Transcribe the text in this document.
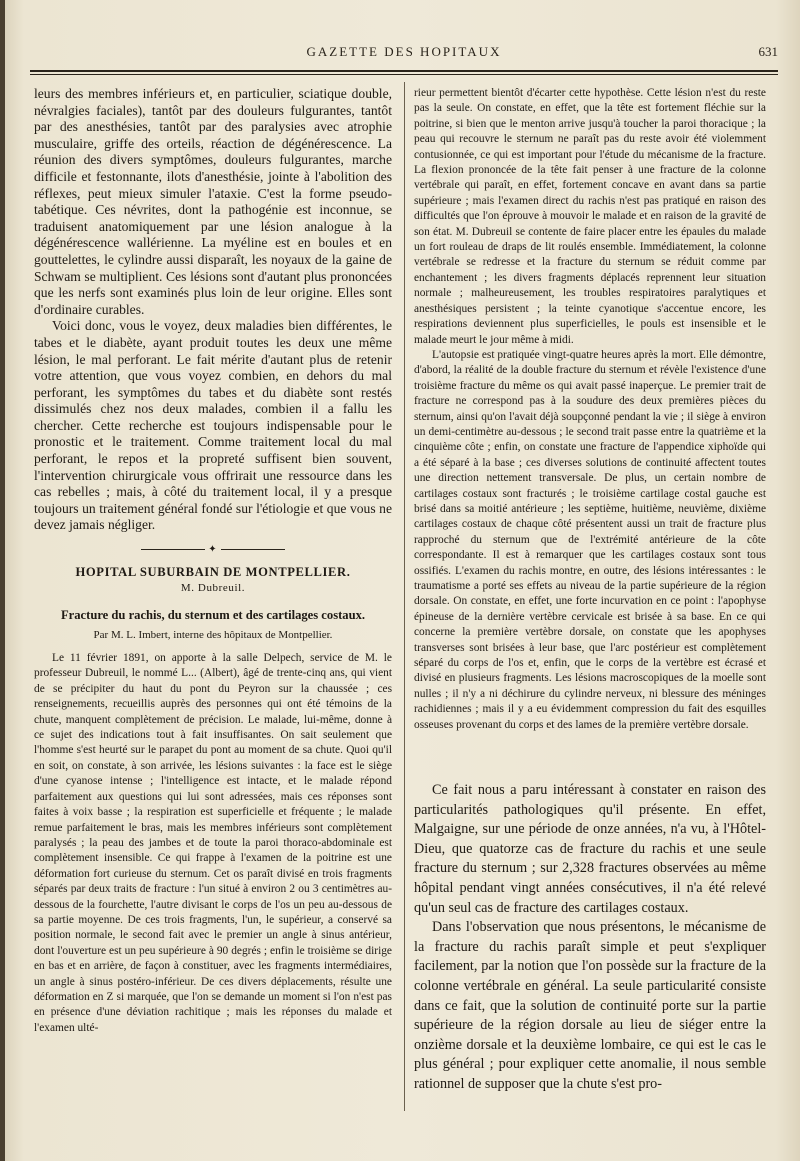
GAZETTE DES HOPITAUX	631

leurs des membres inférieurs et, en particulier, sciatique double, névralgies faciales), tantôt par des douleurs fulgurantes, tantôt par des anesthésies, tantôt par des paralysies avec atrophie musculaire, griffe des orteils, réaction de dégénérescence. La réunion des divers symptômes, douleurs fulgurantes, marche difficile et festonnante, ilots d'anesthésie, jointe à l'abolition des réflexes, peut mieux simuler l'ataxie. C'est la forme pseudo-tabétique. Ces névrites, dont la pathogénie est inconnue, se traduisent anatomiquement par une lésion analogue à la dégénérescence wallérienne. La myéline est en boules et en gouttelettes, le cylindre aussi disparaît, les noyaux de la gaine de Schwam se multiplient. Ces lésions sont d'autant plus prononcées que les nerfs sont examinés plus loin de leur origine. Elles sont d'ordinaire curables.

Voici donc, vous le voyez, deux maladies bien différentes, le tabes et le diabète, ayant produit toutes les deux une même lésion, le mal perforant. Le fait mérite d'autant plus de retenir votre attention, que vous voyez combien, en dehors du mal perforant, les symptômes du tabes et du diabète sont restés dissimulés chez nos deux malades, combien il a fallu les chercher. Cette recherche est toujours indispensable pour le pronostic et le traitement. Comme traitement local du mal perforant, le repos et la propreté suffisent bien souvent, l'intervention chirurgicale vous offrirait une ressource dans les cas rebelles ; mais, à côté du traitement local, il y a presque toujours un traitement général fondé sur l'étiologie et que vous ne devez jamais négliger.

✦
HOPITAL SUBURBAIN DE MONTPELLIER.
M. Dubreuil.
Fracture du rachis, du sternum et des cartilages costaux.
Par M. L. Imbert, interne des hôpitaux de Montpellier.

Le 11 février 1891, on apporte à la salle Delpech, service de M. le professeur Dubreuil, le nommé L... (Albert), âgé de trente-cinq ans, qui vient de se précipiter du haut du pont du Peyron sur la chaussée ; ces renseignements, recueillis auprès des personnes qui ont été témoins de la chute, manquent complètement de précision. Le malade, lui-même, donne à ce sujet des indications tout à fait insuffisantes. On sait seulement que l'homme s'est heurté sur le parapet du pont au moment de sa chute. Quoi qu'il en soit, on constate, à son arrivée, les lésions suivantes : la face est le siège d'une cyanose intense ; l'intelligence est intacte, et le malade répond parfaitement aux questions qui lui sont adressées, mais ces réponses sont faites à voix basse ; la respiration est superficielle et fréquente ; le malade remue parfaitement le bras, mais les membres inférieurs sont complètement paralysés ; la peau des jambes et de toute la paroi thoraco-abdominale est complètement insensible. Ce qui frappe à l'examen de la poitrine est une déformation fort curieuse du sternum. Cet os paraît divisé en trois fragments séparés par deux traits de fracture : l'un situé à environ 2 ou 3 centimètres au-dessous de la fourchette, l'autre divisant le corps de l'os un peu au-dessous de sa partie moyenne. De ces trois fragments, l'un, le supérieur, a conservé sa position normale, le second fait avec le premier un angle à sinus antérieur, dont l'ouverture est un peu supérieure à 90 degrés ; enfin le troisième se dirige en bas et en arrière, de façon à constituer, avec les fragments intermédiaires, un angle à sinus postéro-inférieur. De ces divers déplacements, résulte une déformation en Z si marquée, que l'on se demande un moment si l'on n'est pas en présence d'une déviation rachitique ; mais les réponses du malade et l'examen ulté-

rieur permettent bientôt d'écarter cette hypothèse. Cette lésion n'est du reste pas la seule. On constate, en effet, que la tête est fortement fléchie sur la poitrine, si bien que le menton arrive jusqu'à toucher la paroi thoracique ; la peau qui recouvre le sternum ne paraît pas du reste avoir été violemment contusionnée, ce qui est important pour l'étude du mécanisme de la fracture. La flexion prononcée de la tête fait penser à une fracture de la colonne vertébrale qui paraît, en effet, fortement concave en avant dans sa partie supérieure ; mais l'examen direct du rachis n'est pas pratiqué en raison des difficultés que l'on éprouve à mouvoir le malade et en raison de la gravité de son état. M. Dubreuil se contente de faire placer entre les épaules du malade un fort rouleau de draps de lit roulés ensemble. Immédiatement, la colonne vertébrale se redresse et la fracture du sternum se réduit comme par enchantement ; les divers fragments déplacés reprennent leur situation normale ; malheureusement, les troubles respiratoires paralytiques et anesthésiques persistent ; la teinte cyanotique s'accentue encore, les respirations deviennent plus superficielles, le pouls est insensible et le malade meurt le jour même à midi.

L'autopsie est pratiquée vingt-quatre heures après la mort. Elle démontre, d'abord, la réalité de la double fracture du sternum et révèle l'existence d'une troisième fracture du même os qui avait passé inaperçue. Le premier trait de fracture ne correspond pas à la soudure des deux premières pièces du sternum, ainsi qu'on l'avait déjà soupçonné pendant la vie ; il siège à environ un demi-centimètre au-dessous ; le second trait passe entre la quatrième et la cinquième côte ; enfin, on constate une fracture de l'appendice xiphoïde qui a été séparé à la base ; ces diverses solutions de continuité affectent toutes une direction nettement transversale. De plus, un certain nombre de cartilages costaux sont fracturés ; le troisième cartilage costal gauche est brisé dans sa moitié antérieure ; les septième, huitième, neuvième, dixième cartilages costaux de chaque côté présentent aussi un trait de fracture plus rapproché du sternum que de l'extrémité antérieure de la côte correspondante. Il est à remarquer que les cartilages costaux sont tous ossifiés. L'examen du rachis montre, en outre, des lésions intéressantes : le traumatisme a porté ses effets au niveau de la partie supérieure de la région dorsale. On constate, en effet, une forte incurvation en ce point : l'apophyse épineuse de la dernière vertèbre cervicale est brisée à sa base. En ce qui concerne la première vertèbre dorsale, on constate que les apophyses transverses sont brisées à leur base, que l'arc postérieur est complètement séparé du corps de l'os et, enfin, que le corps de la vertèbre est écrasé et divisé en plusieurs fragments. Les lésions macroscopiques de la moelle sont nulles ; il n'y a ni déchirure du cylindre nerveux, ni blessure des méninges rachidiennes ; mais il y a eu évidemment compression du fait des esquilles osseuses provenant du corps et des lames de la première vertèbre dorsale.

Ce fait nous a paru intéressant à constater en raison des particularités pathologiques qu'il présente. En effet, Malgaigne, sur une période de onze années, n'a vu, à l'Hôtel-Dieu, que quatorze cas de fracture du rachis et une seule fracture du sternum ; sur 2,328 fractures observées au même hôpital pendant vingt années consécutives, il n'a été relevé qu'un seul cas de fracture des cartilages costaux.

Dans l'observation que nous présentons, le mécanisme de la fracture du rachis paraît simple et peut s'expliquer facilement, par la notion que l'on possède sur la fracture de la colonne vertébrale en général. La seule particularité consiste dans ce fait, que la solution de continuité porte sur la partie supérieure de la région dorsale au lieu de siéger entre la onzième dorsale et la deuxième lombaire, ce qui est le cas le plus général ; pour expliquer cette anomalie, il nous semble rationnel de supposer que la chute s'est pro-
